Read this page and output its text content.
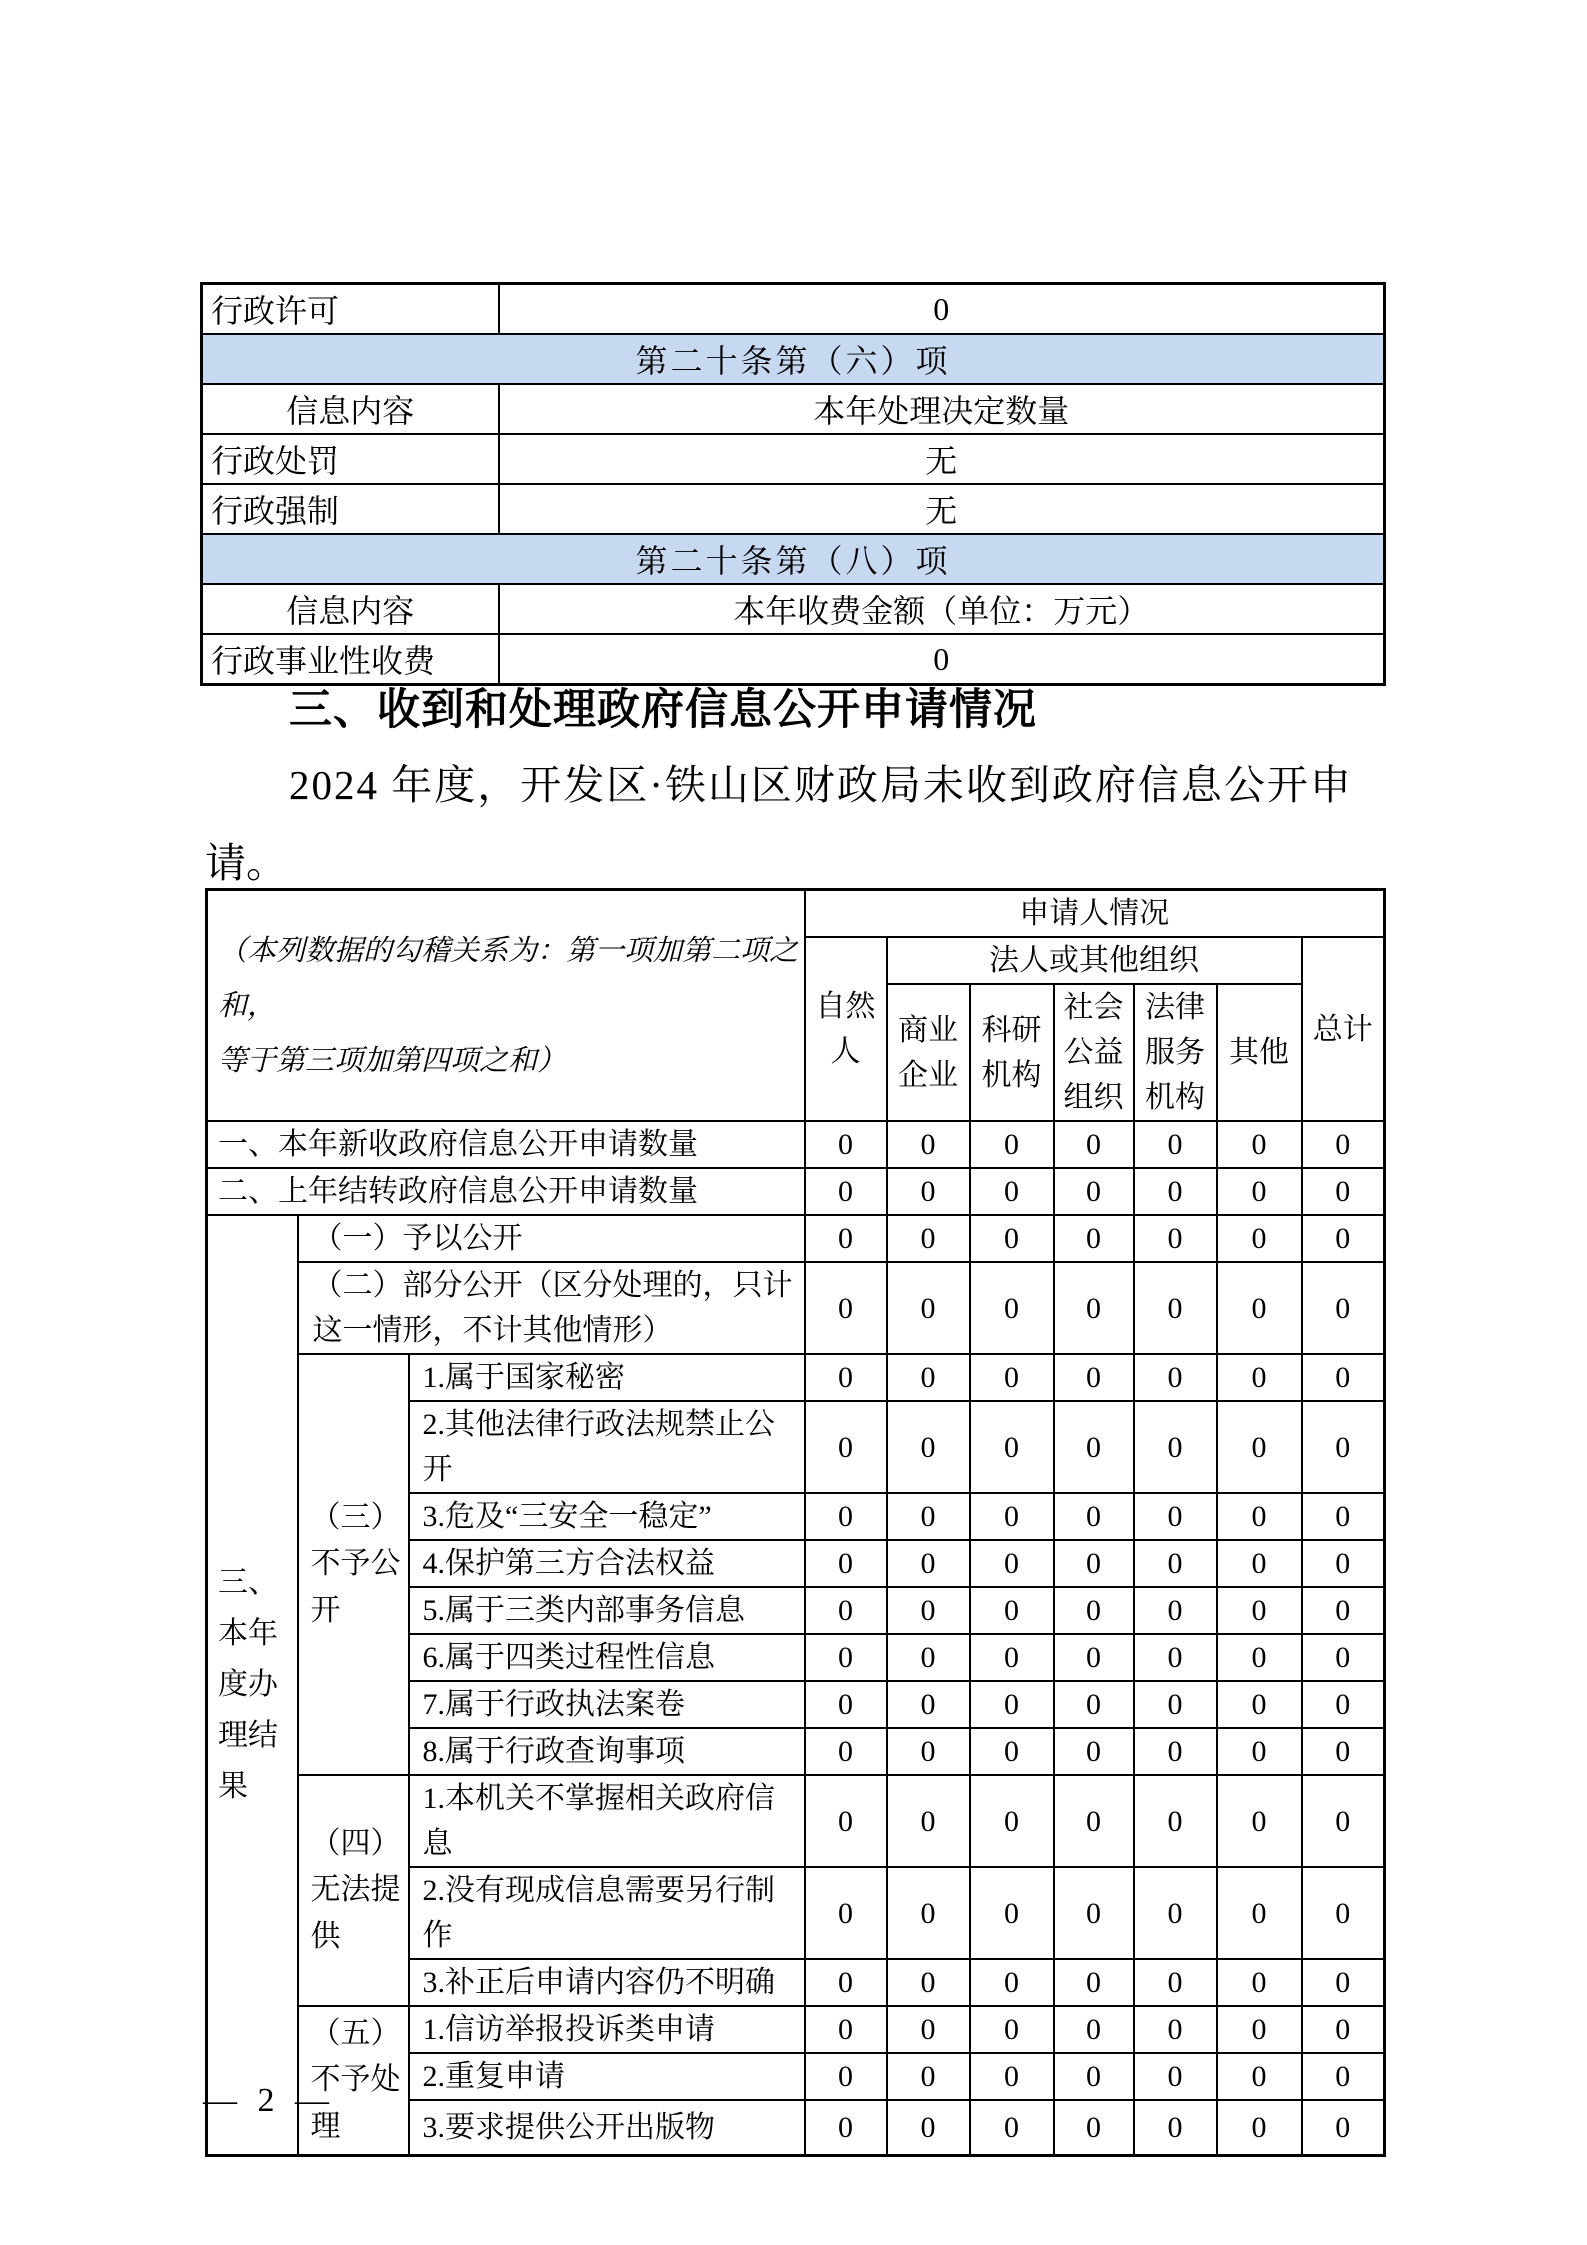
行政许可	0
第二十条第（六）项	
信息内容	本年处理决定数量
行政处罚	无
行政强制	无
第二十条第（八）项	
信息内容	本年收费金额（单位：万元）
行政事业性收费	0
三、收到和处理政府信息公开申请情况
2024 年度，开发区·铁山区财政局未收到政府信息公开申
请。
（本列数据的勾稽关系为：第一项加第二项之和，
等于第三项加第四项之和）			申请人情况						
			自然人	法人或其他组织					总计
				商业企业	科研机构	社会公益组织	法律服务机构	其他	
一、本年新收政府信息公开申请数量			0	0	0	0	0	0	0
二、上年结转政府信息公开申请数量			0	0	0	0	0	0	0
三、本年度办理结果	（一）予以公开		0	0	0	0	0	0	0
	（二）部分公开（区分处理的，只计这一情形，不计其他情形）		0	0	0	0	0	0	0
	（三）不予公开	1.属于国家秘密	0	0	0	0	0	0	0
		2.其他法律行政法规禁止公开	0	0	0	0	0	0	0
		3.危及“三安全一稳定”	0	0	0	0	0	0	0
		4.保护第三方合法权益	0	0	0	0	0	0	0
		5.属于三类内部事务信息	0	0	0	0	0	0	0
		6.属于四类过程性信息	0	0	0	0	0	0	0
		7.属于行政执法案卷	0	0	0	0	0	0	0
		8.属于行政查询事项	0	0	0	0	0	0	0
	（四）无法提供	1.本机关不掌握相关政府信息	0	0	0	0	0	0	0
		2.没有现成信息需要另行制作	0	0	0	0	0	0	0
		3.补正后申请内容仍不明确	0	0	0	0	0	0	0
	（五）不予处理	1.信访举报投诉类申请	0	0	0	0	0	0	0
		2.重复申请	0	0	0	0	0	0	0
		3.要求提供公开出版物	0	0	0	0	0	0	0
— 2 —
